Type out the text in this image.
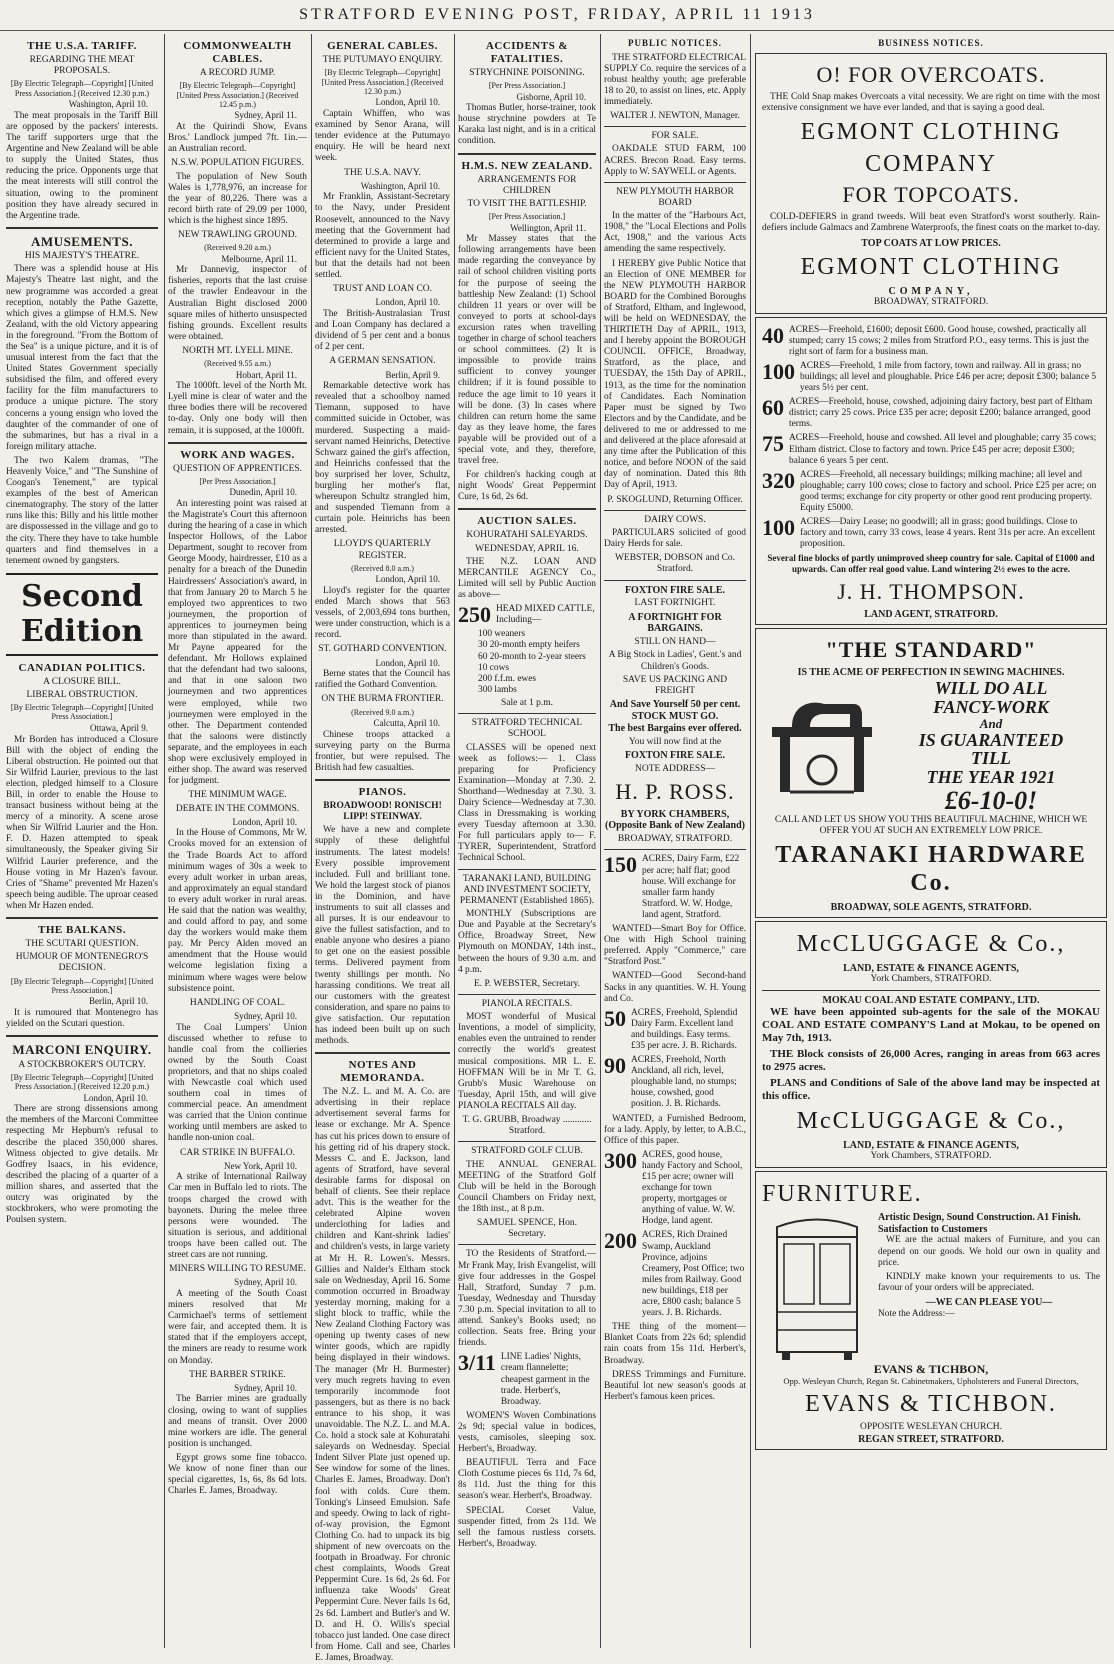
STRATFORD EVENING POST, FRIDAY, APRIL 11 1913
THE U.S.A. TARIFF.
REGARDING THE MEAT PROPOSALS.
[By Electric Telegraph—Copyright] [United Press Association.] (Received 12.30 p.m.)
Washington, April 10.

The meat proposals in the Tariff Bill are opposed by the packers' interests. The tariff supporters urge that the Argentine and New Zealand will be able to supply the United States, thus reducing the price. Opponents urge that the meat interests will still control the situation, owing to the prominent position they have already secured in the Argentine trade.

AMUSEMENTS.
HIS MAJESTY'S THEATRE.

There was a splendid house at His Majesty's Theatre last night, and the new programme was accorded a great reception, notably the Pathe Gazette, which gives a glimpse of H.M.S. New Zealand, with the old Victory appearing in the foreground. "From the Bottom of the Sea" is a unique picture, and it is of unusual interest from the fact that the United States Government specially subsidised the film, and offered every facility for the film manufacturers to produce a unique picture. The story concerns a young ensign who loved the daughter of the commander of one of the submarines, but has a rival in a foreign military attache.

The two Kalem dramas, "The Heavenly Voice," and "The Sunshine of Coogan's Tenement," are typical examples of the best of American cinematography. The story of the latter runs like this: Billy and his little mother are dispossessed in the village and go to the city. There they have to take humble quarters and find themselves in a tenement owned by gangsters.

Second Edition
CANADIAN POLITICS.
A CLOSURE BILL.
LIBERAL OBSTRUCTION.
[By Electric Telegraph—Copyright] [United Press Association.]
Ottawa, April 9.

Mr Borden has introduced a Closure Bill with the object of ending the Liberal obstruction. He pointed out that Sir Wilfrid Laurier, previous to the last election, pledged himself to a Closure Bill, in order to enable the House to transact business without being at the mercy of a minority. A scene arose when Sir Wilfrid Laurier and the Hon. F. D. Hazen attempted to speak simultaneously, the Speaker giving Sir Wilfrid Laurier preference, and the House voting in Mr Hazen's favour. Cries of "Shame" prevented Mr Hazen's speech being audible. The uproar ceased when Mr Hazen ended.

THE BALKANS.
THE SCUTARI QUESTION.
HUMOUR OF MONTENEGRO'S DECISION.
[By Electric Telegraph—Copyright] [United Press Association.]
Berlin, April 10.

It is rumoured that Montenegro has yielded on the Scutari question.

MARCONI ENQUIRY.
A STOCKBROKER'S OUTCRY.
[By Electric Telegraph—Copyright] [United Press Association.] (Received 12.20 p.m.)
London, April 10.

There are strong dissensions among the members of the Marconi Committee respecting Mr Hepburn's refusal to describe the placed 350,000 shares. Witness objected to give details. Mr Godfrey Isaacs, in his evidence, described the placing of a quarter of a million shares, and asserted that the outcry was originated by the stockbrokers, who were promoting the Poulsen system.

COMMONWEALTH CABLES.
A RECORD JUMP.
[By Electric Telegraph—Copyright] [United Press Association.] (Received 12.45 p.m.)
Sydney, April 11.

At the Quirindi Show, Evans Bros.' Landlock jumped 7ft. 1in.—an Australian record.

N.S.W. POPULATION FIGURES.

The population of New South Wales is 1,778,976, an increase for the year of 80,226. There was a record birth rate of 29.09 per 1000, which is the highest since 1895.

NEW TRAWLING GROUND.
(Received 9.20 a.m.)
Melbourne, April 11.

Mr Dannevig, inspector of fisheries, reports that the last cruise of the trawler Endeavour in the Australian Bight disclosed 2000 square miles of hitherto unsuspected fishing grounds. Excellent results were obtained.

NORTH MT. LYELL MINE.
(Received 9.55 a.m.)
Hobart, April 11.

The 1000ft. level of the North Mt. Lyell mine is clear of water and the three bodies there will be recovered to-day. Only one body will then remain, it is supposed, at the 1000ft.

WORK AND WAGES.
QUESTION OF APPRENTICES.
[Per Press Association.]
Dunedin, April 10.

An interesting point was raised at the Magistrate's Court this afternoon during the hearing of a case in which Inspector Hollows, of the Labor Department, sought to recover from George Moody, hairdresser, £10 as a penalty for a breach of the Dunedin Hairdressers' Association's award, in that from January 20 to March 5 he employed two apprentices to two journeymen, the proportion of apprentices to journeymen being more than stipulated in the award. Mr Payne appeared for the defendant. Mr Hollows explained that the defendant had two saloons, and that in one saloon two journeymen and two apprentices were employed, while two journeymen were employed in the other. The Department contended that the saloons were distinctly separate, and the employees in each shop were exclusively employed in either shop. The award was reserved for judgment.

THE MINIMUM WAGE.
DEBATE IN THE COMMONS.
London, April 10.

In the House of Commons, Mr W. Crooks moved for an extension of the Trade Boards Act to afford minimum wages of 30s a week to every adult worker in urban areas, and approximately an equal standard to every adult worker in rural areas. He said that the nation was wealthy, and could afford to pay, and some day the workers would make them pay. Mr Percy Alden moved an amendment that the House would welcome legislation fixing a minimum where wages were below subsistence point.

HANDLING OF COAL.
Sydney, April 10.

The Coal Lumpers' Union discussed whether to refuse to handle coal from the collieries owned by the South Coast proprietors, and that no ships coaled with Newcastle coal which used southern coal in times of commercial peace. An amendment was carried that the Union continue working until members are asked to handle non-union coal.

CAR STRIKE IN BUFFALO.
New York, April 10.

A strike of International Railway Car men in Buffalo led to riots. The troops charged the crowd with bayonets. During the melee three persons were wounded. The situation is serious, and additional troops have been called out. The street cars are not running.

MINERS WILLING TO RESUME.
Sydney, April 10.

A meeting of the South Coast miners resolved that Mr Carmichael's terms of settlement were fair, and accepted them. It is stated that if the employers accept, the miners are ready to resume work on Monday.

THE BARBER STRIKE.
Sydney, April 10.

The Barrier mines are gradually closing, owing to want of supplies and means of transit. Over 2000 mine workers are idle. The general position is unchanged.

Egypt grows some fine tobacco. We know of none finer than our special cigarettes, 1s, 6s, 8s 6d lots. Charles E. James, Broadway.

GENERAL CABLES.
THE PUTUMAYO ENQUIRY.
[By Electric Telegraph—Copyright] [United Press Association.] (Received 12.30 p.m.)
London, April 10.

Captain Whiffen, who was examined by Senor Arana, will tender evidence at the Putumayo enquiry. He will be heard next week.

THE U.S.A. NAVY.
Washington, April 10.

Mr Franklin, Assistant-Secretary to the Navy, under President Roosevelt, announced to the Navy meeting that the Government had determined to provide a large and efficient navy for the United States, but that the details had not been settled.

TRUST AND LOAN CO.
London, April 10.

The British-Australasian Trust and Loan Company has declared a dividend of 5 per cent and a bonus of 2 per cent.

A GERMAN SENSATION.
Berlin, April 9.

Remarkable detective work has revealed that a schoolboy named Tiemann, supposed to have committed suicide in October, was murdered. Suspecting a maid-servant named Heinrichs, Detective Schwarz gained the girl's affection, and Heinrichs confessed that the boy surprised her lover, Schultz, burgling her mother's flat, whereupon Schultz strangled him, and suspended Tiemann from a curtain pole. Heinrichs has been arrested.

LLOYD'S QUARTERLY REGISTER.
(Received 8.0 a.m.)
London, April 10.

Lloyd's register for the quarter ended March shows that 563 vessels, of 2,003,694 tons burthen, were under construction, which is a record.

ST. GOTHARD CONVENTION.
London, April 10.

Berne states that the Council has ratified the Gothard Convention.

ON THE BURMA FRONTIER.
(Received 9.0 a.m.)
Calcutta, April 10.

Chinese troops attacked a surveying party on the Burma frontier, but were repulsed. The British had few casualties.

PIANOS.
BROADWOOD! RONISCH! LIPP! STEINWAY.

We have a new and complete supply of these delightful instruments. The latest models! Every possible improvement included. Full and brilliant tone. We hold the largest stock of pianos in the Dominion, and have instruments to suit all classes and all purses. It is our endeavour to give the fullest satisfaction, and to enable anyone who desires a piano to get one on the easiest possible terms. Delivered payment from twenty shillings per month. No harassing conditions. We treat all our customers with the greatest consideration, and spare no pains to give satisfaction. Our reputation has indeed been built up on such methods.

NOTES AND MEMORANDA.

The N.Z. L. and M. A. Co. are advertising in their replace advertisement several farms for lease or exchange. Mr A. Spence has cut his prices down to ensure of his getting rid of his drapery stock. Messrs C. and E. Jackson, land agents of Stratford, have several desirable farms for disposal on behalf of clients. See their replace advt. This is the weather for the celebrated Alpine woven underclothing for ladies and children and Kant-shrink ladies' and children's vests, in large variety at Mr H. R. Lowen's. Messrs. Gillies and Nalder's Eltham stock sale on Wednesday, April 16. Some commotion occurred in Broadway yesterday morning, making for a slight block to traffic, while the New Zealand Clothing Factory was opening up twenty cases of new winter goods, which are rapidly being displayed in their windows. The manager (Mr H. Burmester) very much regrets having to even temporarily incommode foot passengers, but as there is no back entrance to his shop, it was unavoidable. The N.Z. L. and M.A. Co. hold a stock sale at Kohuratahi saleyards on Wednesday. Special Indent Silver Plate just opened up. See window for some of the lines. Charles E. James, Broadway. Don't fool with colds. Cure them. Tonking's Linseed Emulsion. Safe and speedy. Owing to lack of right-of-way provision, the Egmont Clothing Co. had to unpack its big shipment of new overcoats on the footpath in Broadway. For chronic chest complaints, Woods Great Peppermint Cure. 1s 6d, 2s 6d. For influenza take Woods' Great Peppermint Cure. Never fails 1s 6d, 2s 6d. Lambert and Butler's and W. D. and H. O. Wills's special tobacco just landed. One case direct from Home. Call and see, Charles E. James, Broadway.

ACCIDENTS & FATALITIES.
STRYCHNINE POISONING.
[Per Press Association.]
Gisborne, April 10.

Thomas Butler, horse-trainer, took house strychnine powders at Te Karaka last night, and is in a critical condition.

H.M.S. NEW ZEALAND.
ARRANGEMENTS FOR CHILDREN
TO VISIT THE BATTLESHIP.
[Per Press Association.]
Wellington, April 11.

Mr Massey states that the following arrangements have been made regarding the conveyance by rail of school children visiting ports for the purpose of seeing the battleship New Zealand: (1) School children 11 years or over will be conveyed to ports at school-days excursion rates when travelling together in charge of school teachers or school committees. (2) It is impossible to provide trains sufficient to convey younger children; if it is found possible to reduce the age limit to 10 years it will be done. (3) In cases where children can return home the same day as they leave home, the fares payable will be provided out of a special vote, and they, therefore, travel free.

For children's hacking cough at night Woods' Great Peppermint Cure, 1s 6d, 2s 6d.

AUCTION SALES.
KOHURATAHI SALEYARDS.
WEDNESDAY, APRIL 16.

THE N.Z. LOAN AND MERCANTILE AGENCY Co., Limited will sell by Public Auction as above—

250 HEAD MIXED CATTLE, Including—
100 weaners
30 20-month empty heifers
60 20-month to 2-year steers
10 cows
200 f.f.m. ewes
300 lambs
Sale at 1 p.m.
STRATFORD TECHNICAL SCHOOL

CLASSES will be opened next week as follows:— 1. Class preparing for Proficiency Examination—Monday at 7.30. 2. Shorthand—Wednesday at 7.30. 3. Dairy Science—Wednesday at 7.30. Class in Dressmaking is working every Tuesday afternoon at 3.30. For full particulars apply to— F. TYRER, Superintendent, Stratford Technical School.

TARANAKI LAND, BUILDING AND INVESTMENT SOCIETY, PERMANENT (Established 1865).

MONTHLY (Subscriptions are Due and Payable at the Secretary's Office, Broadway Street, New Plymouth on MONDAY, 14th inst., between the hours of 9.30 a.m. and 4 p.m.

E. P. WEBSTER, Secretary.
PIANOLA RECITALS.

MOST wonderful of Musical Inventions, a model of simplicity, enables even the untrained to render correctly the world's greatest musical compositions. MR L. E. HOFFMAN Will be in Mr T. G. Grubb's Music Warehouse on Tuesday, April 15th, and will give PIANOLA RECITALS All day.

T. G. GRUBB, Broadway ............ Stratford.
STRATFORD GOLF CLUB.

THE ANNUAL GENERAL MEETING of the Stratford Golf Club will be held in the Borough Council Chambers on Friday next, the 18th inst., at 8 p.m.

SAMUEL SPENCE, Hon. Secretary.

TO the Residents of Stratford.—Mr Frank May, Irish Evangelist, will give four addresses in the Gospel Hall, Stratford, Sunday 7 p.m. Tuesday, Wednesday and Thursday 7.30 p.m. Special invitation to all to attend. Sankey's Books used; no collection. Seats free. Bring your friends.

3/11 LINE Ladies' Nights, cream flannelette; cheapest garment in the trade. Herbert's, Broadway.

WOMEN'S Woven Combinations 2s 9d; special value in bodices, vests, camisoles, sleeping sox. Herbert's, Broadway.

BEAUTIFUL Terra and Face Cloth Costume pieces 6s 11d, 7s 6d, 8s 11d. Just the thing for this season's wear. Herbert's, Broadway.

SPECIAL Corset Value, suspender fitted, from 2s 11d. We sell the famous rustless corsets. Herbert's, Broadway.

PUBLIC NOTICES.

THE STRATFORD ELECTRICAL SUPPLY Co. require the services of a robust healthy youth; age preferable 18 to 20, to assist on lines, etc. Apply immediately.

WALTER J. NEWTON, Manager.
FOR SALE.

OAKDALE STUD FARM, 100 ACRES. Brecon Road. Easy terms. Apply to W. SAYWELL or Agents.

NEW PLYMOUTH HARBOR BOARD

In the matter of the "Harbours Act, 1908," the "Local Elections and Polls Act, 1908," and the various Acts amending the same respectively.

I HEREBY give Public Notice that an Election of ONE MEMBER for the NEW PLYMOUTH HARBOR BOARD for the Combined Boroughs of Stratford, Eltham, and Inglewood, will be held on WEDNESDAY, the THIRTIETH Day of APRIL, 1913, and I hereby appoint the BOROUGH COUNCIL OFFICE, Broadway, Stratford, as the place, and TUESDAY, the 15th Day of APRIL, 1913, as the time for the nomination of Candidates. Each Nomination Paper must be signed by Two Electors and by the Candidate, and be delivered to me or addressed to me and delivered at the place aforesaid at any time after the Publication of this notice, and before NOON of the said day of nomination. Dated this 8th Day of April, 1913.

P. SKOGLUND, Returning Officer.
DAIRY COWS.

PARTICULARS solicited of good Dairy Herds for sale.

WEBSTER, DOBSON and Co. Stratford.
FOXTON FIRE SALE.
LAST FORTNIGHT.
A FORTNIGHT FOR BARGAINS.
STILL ON HAND—
A Big Stock in Ladies', Gent.'s and Children's Goods.
SAVE US PACKING AND FREIGHT
And Save Yourself 50 per cent.
STOCK MUST GO.
The best Bargains ever offered.
You will now find at the
FOXTON FIRE SALE.
NOTE ADDRESS—
H. P. ROSS.
BY YORK CHAMBERS,
(Opposite Bank of New Zealand)
BROADWAY, STRATFORD.
150 ACRES, Dairy Farm, £22 per acre; half flat; good house. Will exchange for smaller farm handy Stratford. W. W. Hodge, land agent, Stratford.

WANTED—Smart Boy for Office. One with High School training preferred. Apply "Commerce," care "Stratford Post."

WANTED—Good Second-hand Sacks in any quantities. W. H. Young and Co.

50 ACRES, Freehold, Splendid Dairy Farm. Excellent land and buildings. Easy terms. £35 per acre. J. B. Richards.
90 ACRES, Freehold, North Anckland, all rich, level, ploughable land, no stumps; house, cowshed, good position. J. B. Richards.

WANTED, a Furnished Bedroom, for a lady. Apply, by letter, to A.B.C., Office of this paper.

300 ACRES, good house, handy Factory and School, £15 per acre; owner will exchange for town property, mortgages or anything of value. W. W. Hodge, land agent.
200 ACRES, Rich Drained Swamp, Auckland Province, adjoins Creamery, Post Office; two miles from Railway. Good new buildings, £18 per acre, £800 cash; balance 5 years. J. B. Richards.

THE thing of the moment—Blanket Coats from 22s 6d; splendid rain coats from 15s 11d. Herbert's, Broadway.

DRESS Trimmings and Furniture. Beautiful lot new season's goods at Herbert's famous keen prices.

BUSINESS NOTICES.
O! FOR OVERCOATS.

THE Cold Snap makes Overcoats a vital necessity. We are right on time with the most extensive consignment we have ever landed, and that is saying a good deal.

EGMONT CLOTHING
COMPANY
FOR TOPCOATS.

COLD-DEFIERS in grand tweeds. Will beat even Stratford's worst southerly. Rain-defiers include Galmacs and Zambrene Waterproofs, the finest coats on the market to-day.

TOP COATS AT LOW PRICES.
EGMONT CLOTHING
COMPANY,
BROADWAY, STRATFORD.
40 ACRES—Freehold, £1600; deposit £600. Good house, cowshed, practically all stumped; carry 15 cows; 2 miles from Stratford P.O., easy terms. This is just the right sort of farm for a business man.
100 ACRES—Freehold, 1 mile from factory, town and railway. All in grass; no buildings; all level and ploughable. Price £46 per acre; deposit £300; balance 5 years 5½ per cent.
60 ACRES—Freehold, house, cowshed, adjoining dairy factory, best part of Eltham district; carry 25 cows. Price £35 per acre; deposit £200; balance arranged, good terms.
75 ACRES—Freehold, house and cowshed. All level and ploughable; carry 35 cows; Eltham district. Close to factory and town. Price £45 per acre; deposit £300; balance 6 years 5 per cent.
320 ACRES—Freehold, all necessary buildings; milking machine; all level and ploughable; carry 100 cows; close to factory and school. Price £25 per acre; on good terms; exchange for city property or other good rent producing property. Equity £5000.
100 ACRES—Dairy Lease; no goodwill; all in grass; good buildings. Close to factory and town, carry 33 cows, lease 4 years. Rent 31s per acre. An excellent proposition.
Several fine blocks of partly unimproved sheep country for sale. Capital of £1000 and upwards. Can offer real good value. Land wintering 2½ ewes to the acre.
J. H. THOMPSON.
LAND AGENT, STRATFORD.
"THE STANDARD"
IS THE ACME OF PERFECTION IN SEWING MACHINES.
WILL DO ALL
FANCY-WORK
And
IS GUARANTEED
TILL
THE YEAR 1921
£6-10-0!
CALL AND LET US SHOW YOU THIS BEAUTIFUL MACHINE, WHICH WE OFFER YOU AT SUCH AN EXTREMELY LOW PRICE.
TARANAKI HARDWARE Co.
BROADWAY, SOLE AGENTS, STRATFORD.
McCLUGGAGE & Co.,
LAND, ESTATE & FINANCE AGENTS,
York Chambers, STRATFORD.
MOKAU COAL AND ESTATE COMPANY., LTD.

WE have been appointed sub-agents for the sale of the MOKAU COAL AND ESTATE COMPANY'S Land at Mokau, to be opened on May 7th, 1913.

THE Block consists of 26,000 Acres, ranging in areas from 663 acres to 2975 acres.

PLANS and Conditions of Sale of the above land may be inspected at this office.

McCLUGGAGE & Co.,
LAND, ESTATE & FINANCE AGENTS,
York Chambers, STRATFORD.
FURNITURE.
Artistic Design, Sound Construction. A1 Finish. Satisfaction to Customers

WE are the actual makers of Furniture, and you can depend on our goods. We hold our own in quality and price.

KINDLY make known your requirements to us. The favour of your orders will be appreciated.

—WE CAN PLEASE YOU—
Note the Address:—
EVANS & TICHBON,
Opp. Wesleyan Church, Regan St. Cabinetmakers, Upholsterers and Funeral Directors,
EVANS & TICHBON.
OPPOSITE WESLEYAN CHURCH.
REGAN STREET, STRATFORD.
